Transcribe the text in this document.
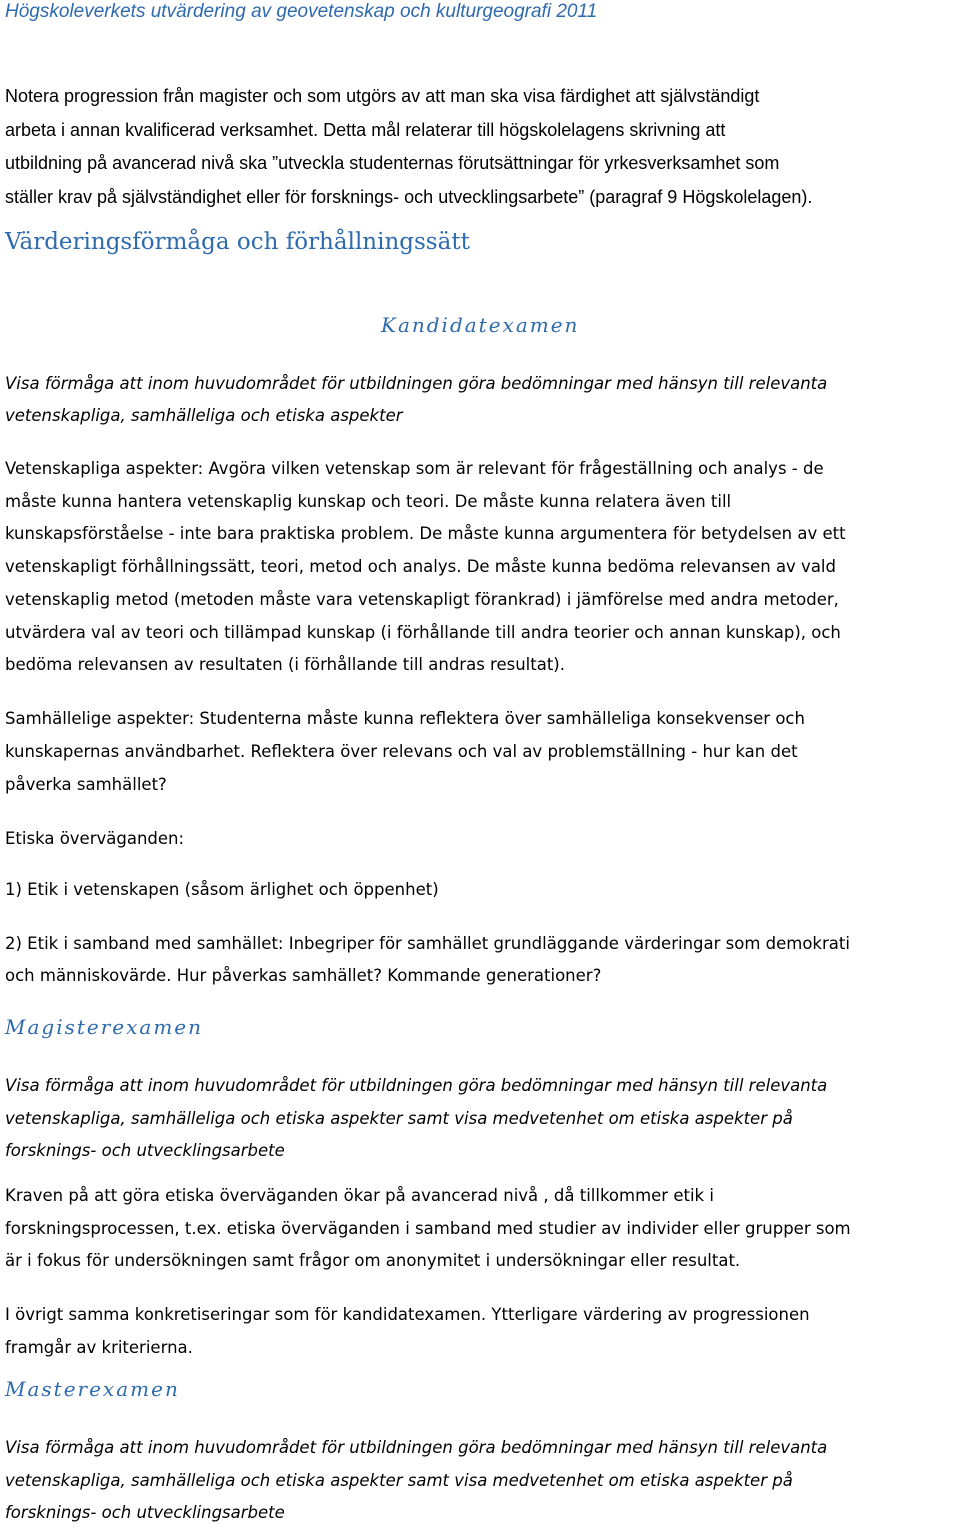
Högskoleverkets utvärdering av geovetenskap och kulturgeografi 2011

Notera progression från magister och som utgörs av att man ska visa färdighet att självständigt

arbeta i annan kvalificerad verksamhet. Detta mål relaterar till högskolelagens skrivning att

utbildning på avancerad nivå ska ”utveckla studenternas förutsättningar för yrkesverksamhet som

ställer krav på självständighet eller för forsknings- och utvecklingsarbete” (paragraf 9 Högskolelagen).

Värderingsförmåga och förhållningssätt
Kandidatexamen

Visa förmåga att inom huvudområdet för utbildningen göra bedömningar med hänsyn till relevanta

vetenskapliga, samhälleliga och etiska aspekter

Vetenskapliga aspekter: Avgöra vilken vetenskap som är relevant för frågeställning och analys - de

måste kunna hantera vetenskaplig kunskap och teori. De måste kunna relatera även till

kunskapsförståelse - inte bara praktiska problem. De måste kunna argumentera för betydelsen av ett

vetenskapligt förhållningssätt, teori, metod och analys. De måste kunna bedöma relevansen av vald

vetenskaplig metod (metoden måste vara vetenskapligt förankrad) i jämförelse med andra metoder,

utvärdera val av teori och tillämpad kunskap (i förhållande till andra teorier och annan kunskap), och

bedöma relevansen av resultaten (i förhållande till andras resultat).

Samhällelige aspekter: Studenterna måste kunna reflektera över samhälleliga konsekvenser och

kunskapernas användbarhet. Reflektera över relevans och val av problemställning - hur kan det

påverka samhället?

Etiska överväganden:
1) Etik i vetenskapen (såsom ärlighet och öppenhet)

2) Etik i samband med samhället: Inbegriper för samhället grundläggande värderingar som demokrati

och människovärde. Hur påverkas samhället? Kommande generationer?

Magisterexamen

Visa förmåga att inom huvudområdet för utbildningen göra bedömningar med hänsyn till relevanta

vetenskapliga, samhälleliga och etiska aspekter samt visa medvetenhet om etiska aspekter på

forsknings- och utvecklingsarbete

Kraven på att göra etiska överväganden ökar på avancerad nivå , då tillkommer etik i

forskningsprocessen, t.ex. etiska överväganden i samband med studier av individer eller grupper som

är i fokus för undersökningen samt frågor om anonymitet i undersökningar eller resultat.

I övrigt samma konkretiseringar som för kandidatexamen. Ytterligare värdering av progressionen

framgår av kriterierna.

Masterexamen

Visa förmåga att inom huvudområdet för utbildningen göra bedömningar med hänsyn till relevanta

vetenskapliga, samhälleliga och etiska aspekter samt visa medvetenhet om etiska aspekter på

forsknings- och utvecklingsarbete
